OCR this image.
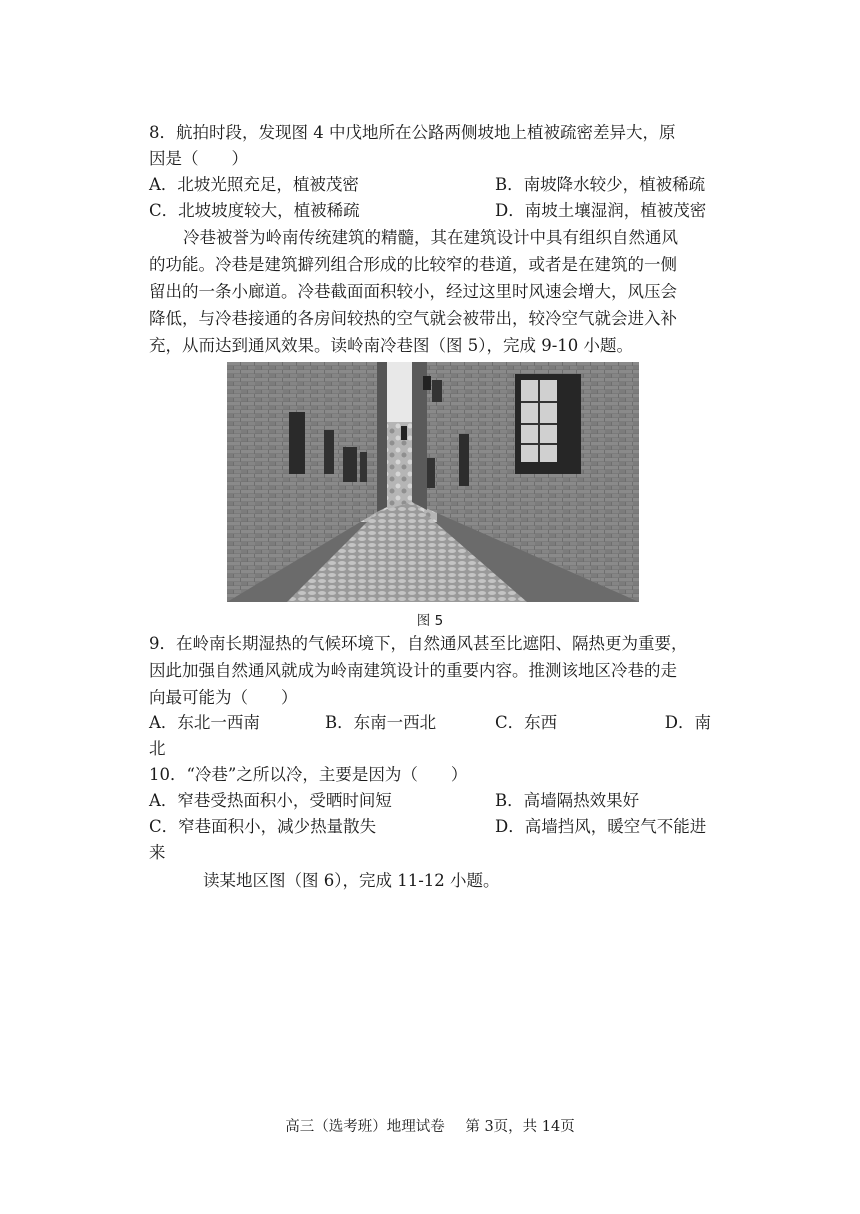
8．航拍时段，发现图 4 中戊地所在公路两侧坡地上植被疏密差异大，原
因是（　　）
A．北坡光照充足，植被茂密	B．南坡降水较少，植被稀疏
C．北坡坡度较大，植被稀疏	D．南坡土壤湿润，植被茂密
冷巷被誉为岭南传统建筑的精髓，其在建筑设计中具有组织自然通风
的功能。冷巷是建筑擗列组合形成的比较窄的巷道，或者是在建筑的一侧
留出的一条小廊道。冷巷截面面积较小，经过这里时风速会增大，风压会
降低，与冷巷接通的各房间较热的空气就会被带出，较冷空气就会进入补
充，从而达到通风效果。读岭南冷巷图（图 5），完成 9-10 小题。
图 5
9．在岭南长期湿热的气候环境下，自然通风甚至比遮阳、隔热更为重要，
因此加强自然通风就成为岭南建筑设计的重要内容。推测该地区冷巷的走
向最可能为（　　）
A．东北一西南	B．东南一西北	C．东西	D．南
北
10．“冷巷”之所以冷，主要是因为（　　）
A．窄巷受热面积小，受晒时间短	B．高墙隔热效果好
C．窄巷面积小，减少热量散失	D．高墙挡风，暖空气不能进
来
读某地区图（图 6），完成 11-12 小题。
高三（选考班）地理试卷 第 3页，共 14页
